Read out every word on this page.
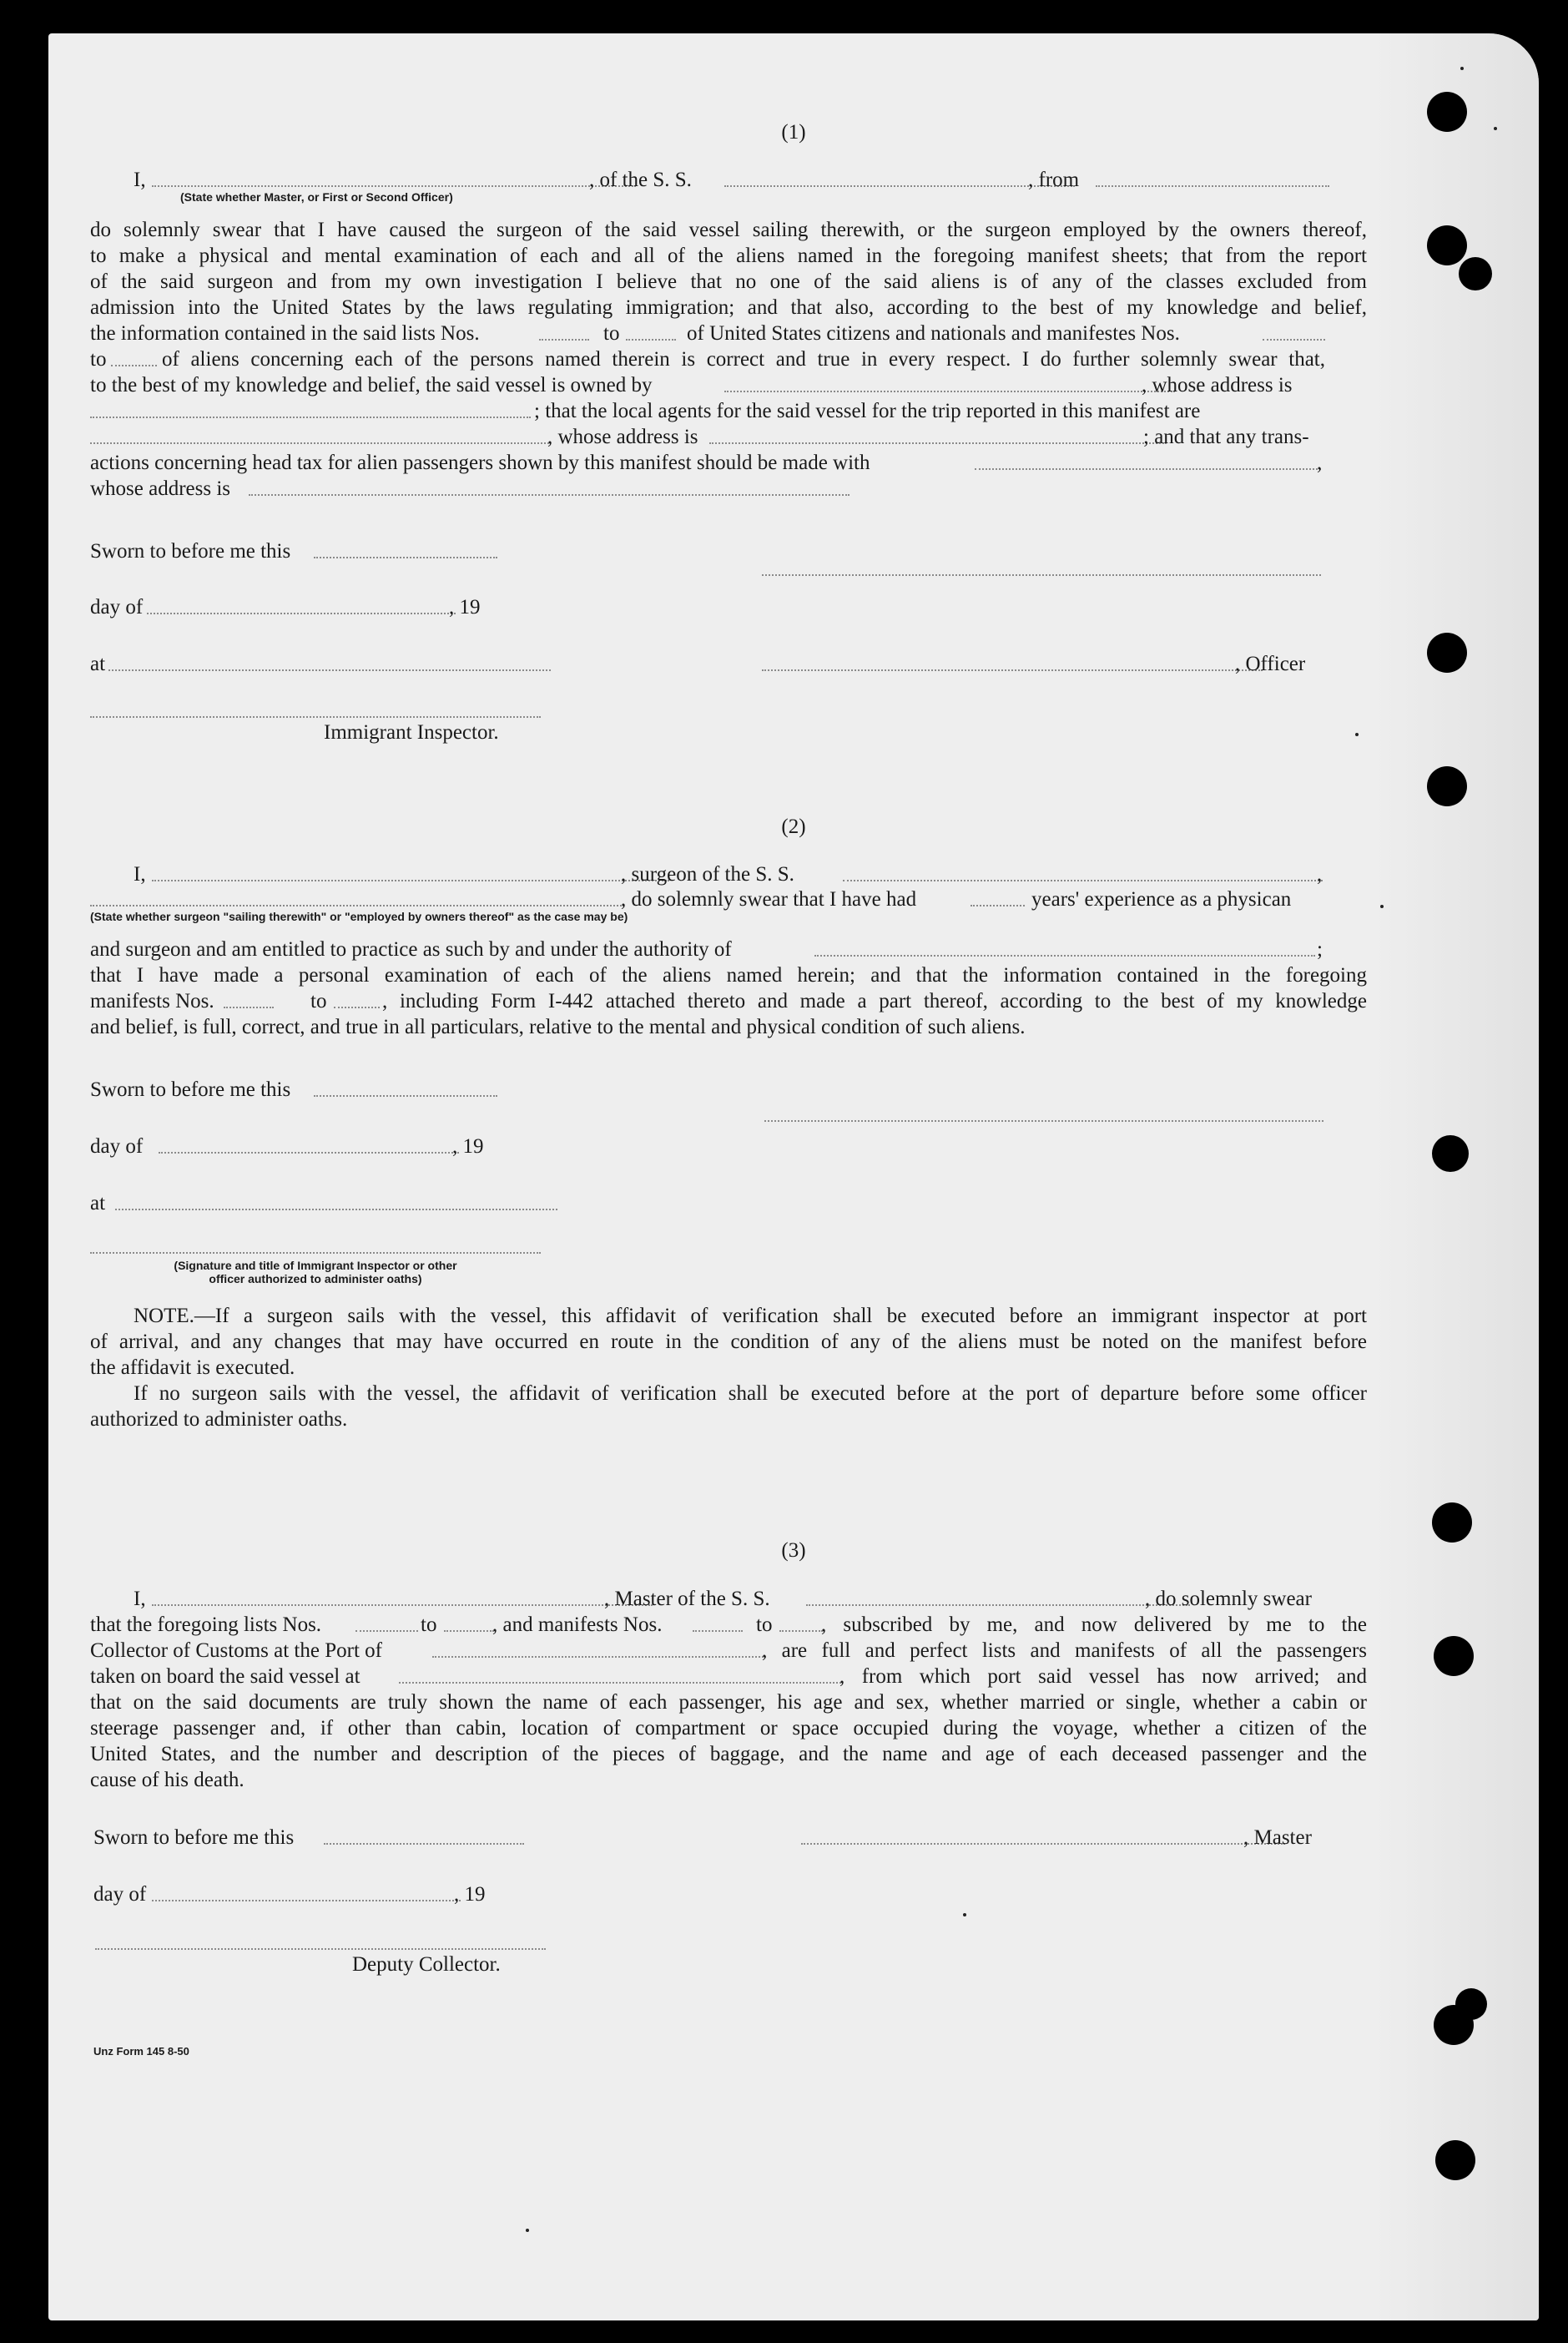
(1)
I,	, of the S. S.	, from
(State whether Master, or First or Second Officer)
do solemnly swear that I have caused the surgeon of the said vessel sailing therewith, or the surgeon employed by the owners thereof,
to make a physical and mental examination of each and all of the aliens named in the foregoing manifest sheets; that from the report
of the said surgeon and from my own investigation I believe that no one of the said aliens is of any of the classes excluded from
admission into the United States by the laws regulating immigration; and that also, according to the best of my knowledge and belief,
the information contained in the said lists Nos.	to	of United States citizens and nationals and manifestes Nos.
to	of aliens concerning each of the persons named therein is correct and true in every respect. I do further solemnly swear that,
to the best of my knowledge and belief, the said vessel is owned by	, whose address is
; that the local agents for the said vessel for the trip reported in this manifest are
, whose address is	; and that any trans-
actions concerning head tax for alien passengers shown by this manifest should be made with	,
whose address is
Sworn to before me this
day of	, 19
at	, Officer
Immigrant Inspector.
(2)
I,	, surgeon of the S. S.	,
, do solemnly swear that I have had	years' experience as a physican
(State whether surgeon "sailing therewith" or "employed by owners thereof" as the case may be)
and surgeon and am entitled to practice as such by and under the authority of	;
that I have made a personal examination of each of the aliens named herein; and that the information contained in the foregoing
manifests Nos.	to	, including Form I-442 attached thereto and made a part thereof, according to the best of my knowledge
and belief, is full, correct, and true in all particulars, relative to the mental and physical condition of such aliens.
Sworn to before me this
day of	, 19
at
(Signature and title of Immigrant Inspector or other
officer authorized to administer oaths)
NOTE.—If a surgeon sails with the vessel, this affidavit of verification shall be executed before an immigrant inspector at port
of arrival, and any changes that may have occurred en route in the condition of any of the aliens must be noted on the manifest before
the affidavit is executed.
If no surgeon sails with the vessel, the affidavit of verification shall be executed before at the port of departure before some officer
authorized to administer oaths.
(3)
I,	, Master of the S. S.	, do solemnly swear
that the foregoing lists Nos.	to	, and manifests Nos.	to , subscribed by me, and now delivered by me to the
Collector of Customs at the Port of	, are full and perfect lists and manifests of all the passengers
taken on board the said vessel at	, from which port said vessel has now arrived; and
that on the said documents are truly shown the name of each passenger, his age and sex, whether married or single, whether a cabin or
steerage passenger and, if other than cabin, location of compartment or space occupied during the voyage, whether a citizen of the
United States, and the number and description of the pieces of baggage, and the name and age of each deceased passenger and the
cause of his death.
Sworn to before me this	, Master
day of	, 19
Deputy Collector.
Unz Form 145 8-50
